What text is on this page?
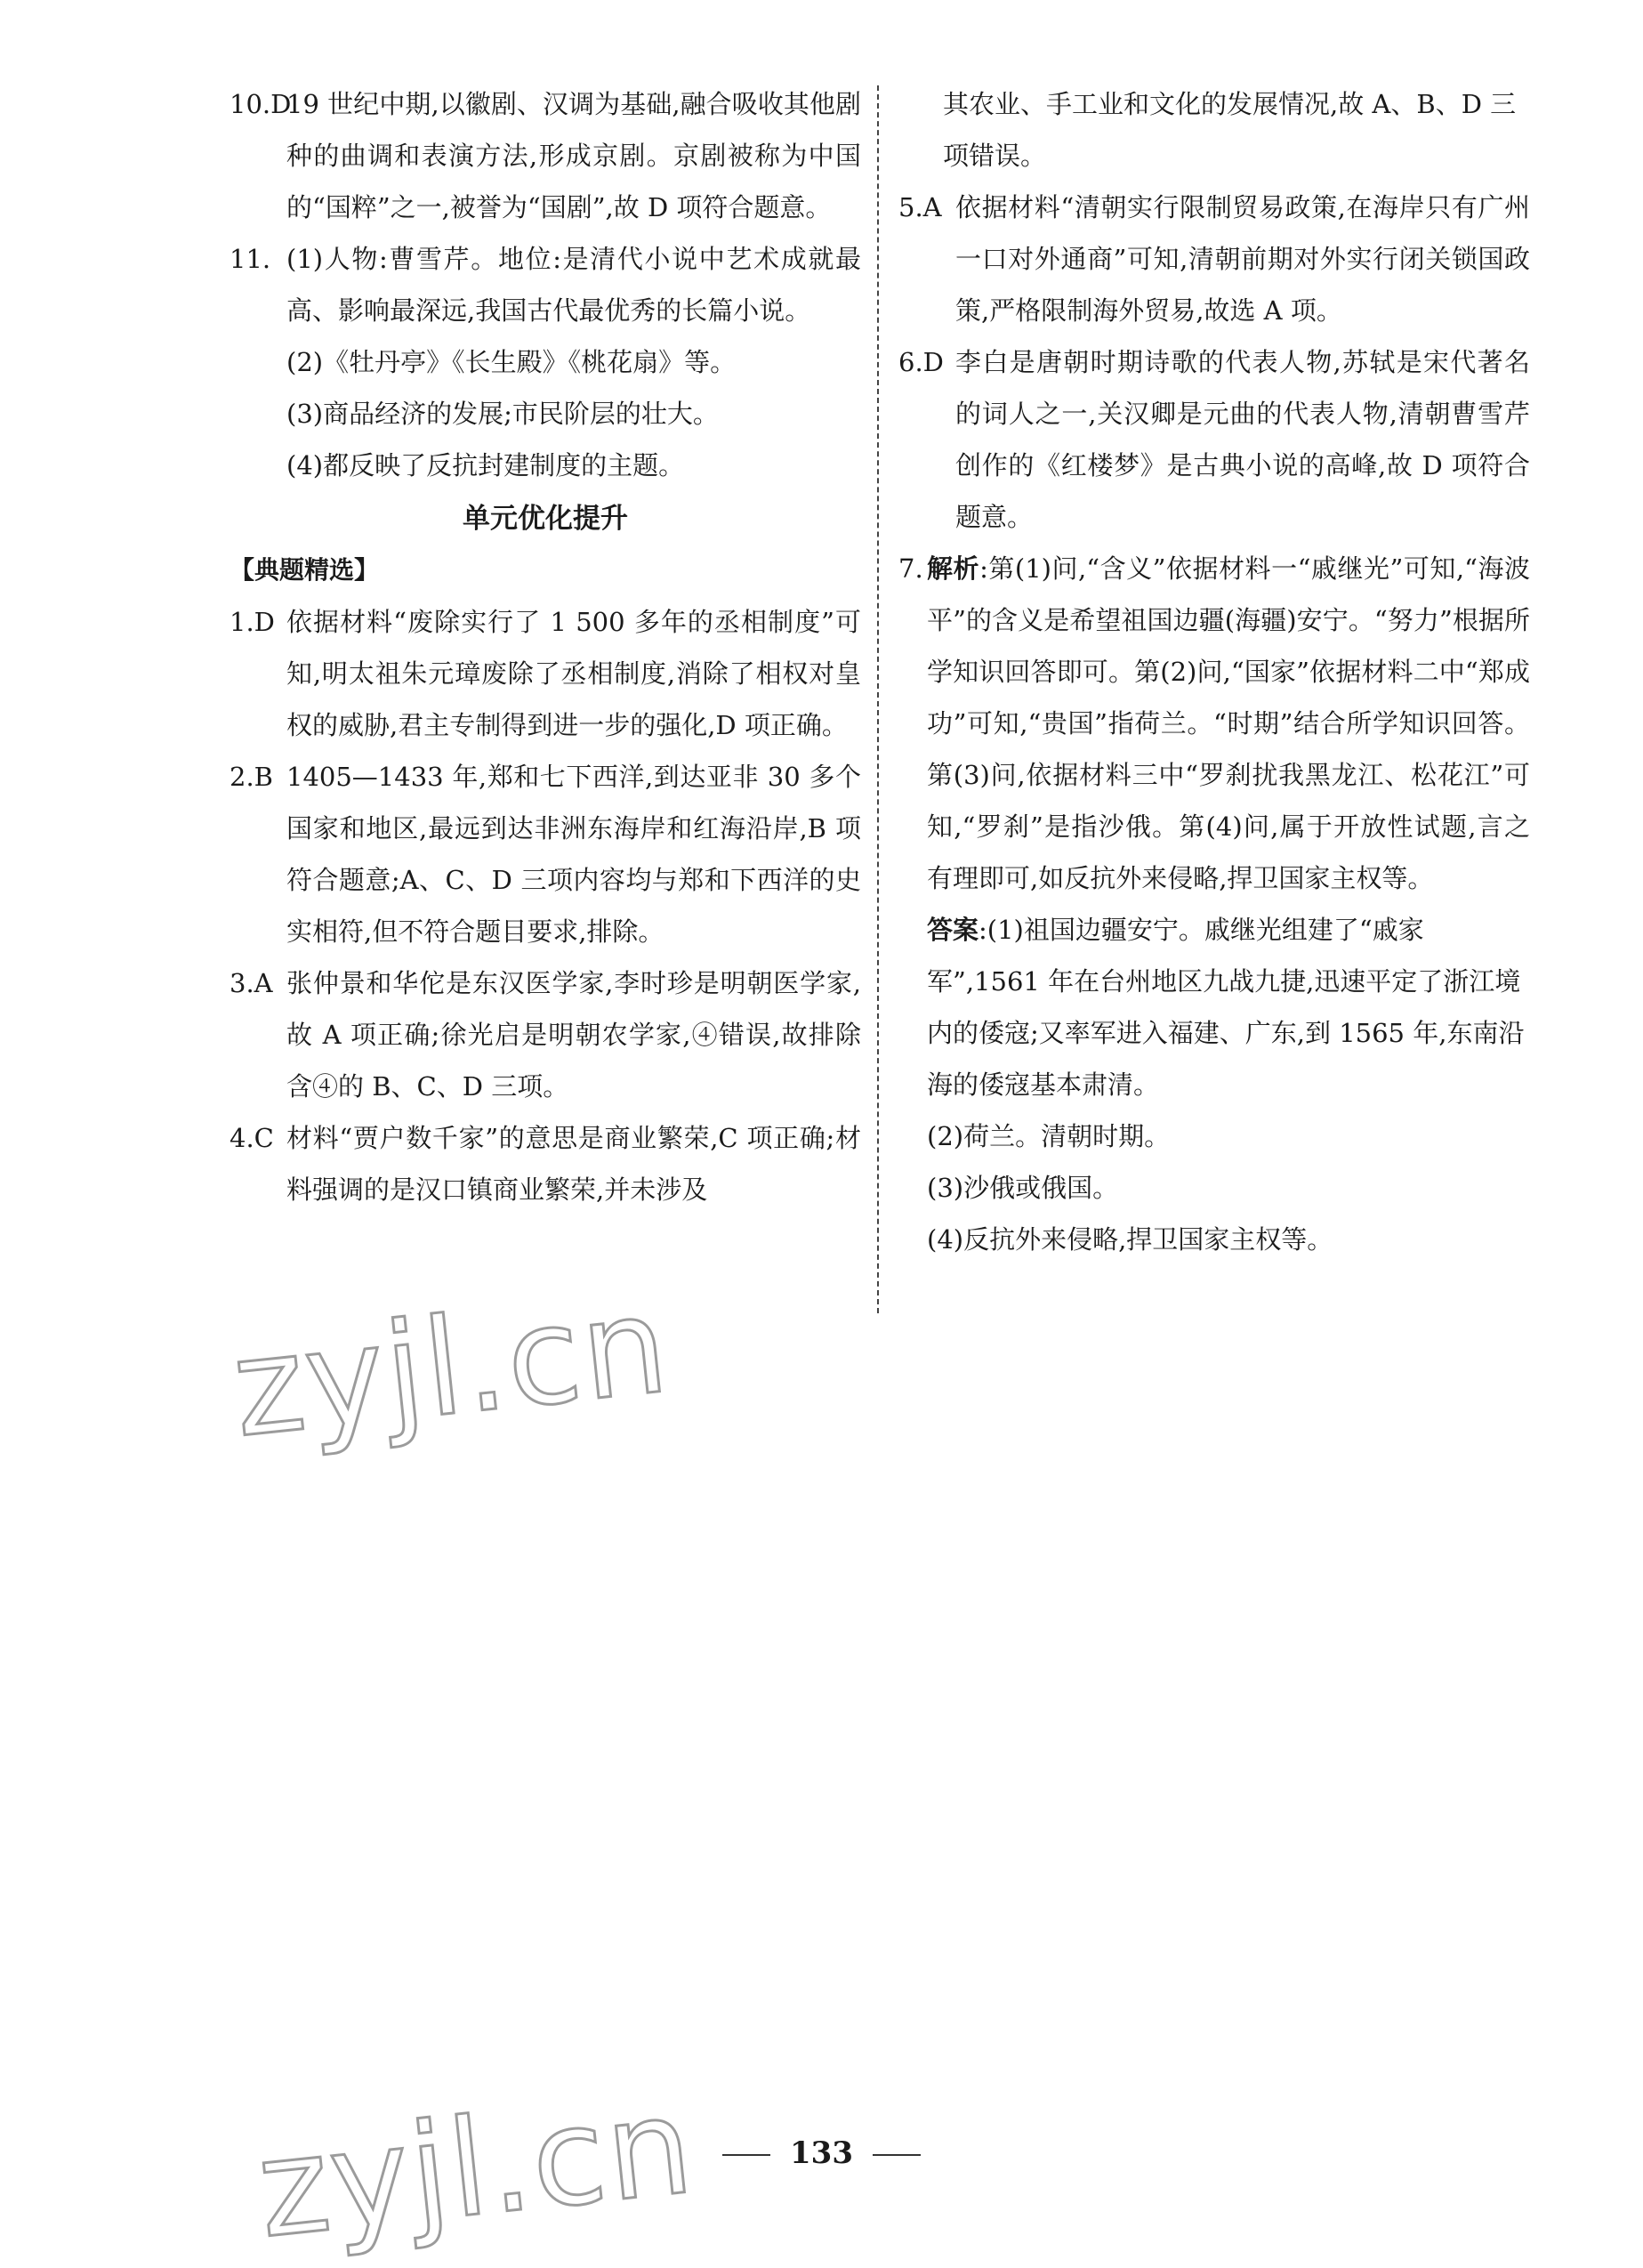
10.D
19 世纪中期,以徽剧、汉调为基础,融合吸收其他剧种的曲调和表演方法,形成京剧。京剧被称为中国的“国粹”之一,被誉为“国剧”,故 D 项符合题意。
11. (1)人物:曹雪芹。地位:是清代小说中艺术成就最高、影响最深远,我国古代最优秀的长篇小说。
(2)《牡丹亭》《长生殿》《桃花扇》等。
(3)商品经济的发展;市民阶层的壮大。
(4)都反映了反抗封建制度的主题。
单元优化提升
【典题精选】
1.D 依据材料“废除实行了 1 500 多年的丞相制度”可知,明太祖朱元璋废除了丞相制度,消除了相权对皇权的威胁,君主专制得到进一步的强化,D 项正确。
2.B 1405—1433 年,郑和七下西洋,到达亚非 30 多个国家和地区,最远到达非洲东海岸和红海沿岸,B 项符合题意;A、C、D 三项内容均与郑和下西洋的史实相符,但不符合题目要求,排除。
3.A 张仲景和华佗是东汉医学家,李时珍是明朝医学家,故 A 项正确;徐光启是明朝农学家,④错误,故排除含④的 B、C、D 三项。
4.C 材料“贾户数千家”的意思是商业繁荣,C 项正确;材料强调的是汉口镇商业繁荣,并未涉及
其农业、手工业和文化的发展情况,故 A、B、D 三项错误。
5.A 依据材料“清朝实行限制贸易政策,在海岸只有广州一口对外通商”可知,清朝前期对外实行闭关锁国政策,严格限制海外贸易,故选 A 项。
6.D 李白是唐朝时期诗歌的代表人物,苏轼是宋代著名的词人之一,关汉卿是元曲的代表人物,清朝曹雪芹创作的《红楼梦》是古典小说的高峰,故 D 项符合题意。
7. 解析:第(1)问,“含义”依据材料一“戚继光”可知,“海波平”的含义是希望祖国边疆(海疆)安宁。“努力”根据所学知识回答即可。第(2)问,“国家”依据材料二中“郑成功”可知,“贵国”指荷兰。“时期”结合所学知识回答。第(3)问,依据材料三中“罗刹扰我黑龙江、松花江”可知,“罗刹”是指沙俄。第(4)问,属于开放性试题,言之有理即可,如反抗外来侵略,捍卫国家主权等。
答案:(1)祖国边疆安宁。戚继光组建了“戚家军”,1561 年在台州地区九战九捷,迅速平定了浙江境内的倭寇;又率军进入福建、广东,到 1565 年,东南沿海的倭寇基本肃清。
(2)荷兰。清朝时期。
(3)沙俄或俄国。
(4)反抗外来侵略,捍卫国家主权等。
zyjl.cn
zyjl.cn	133
